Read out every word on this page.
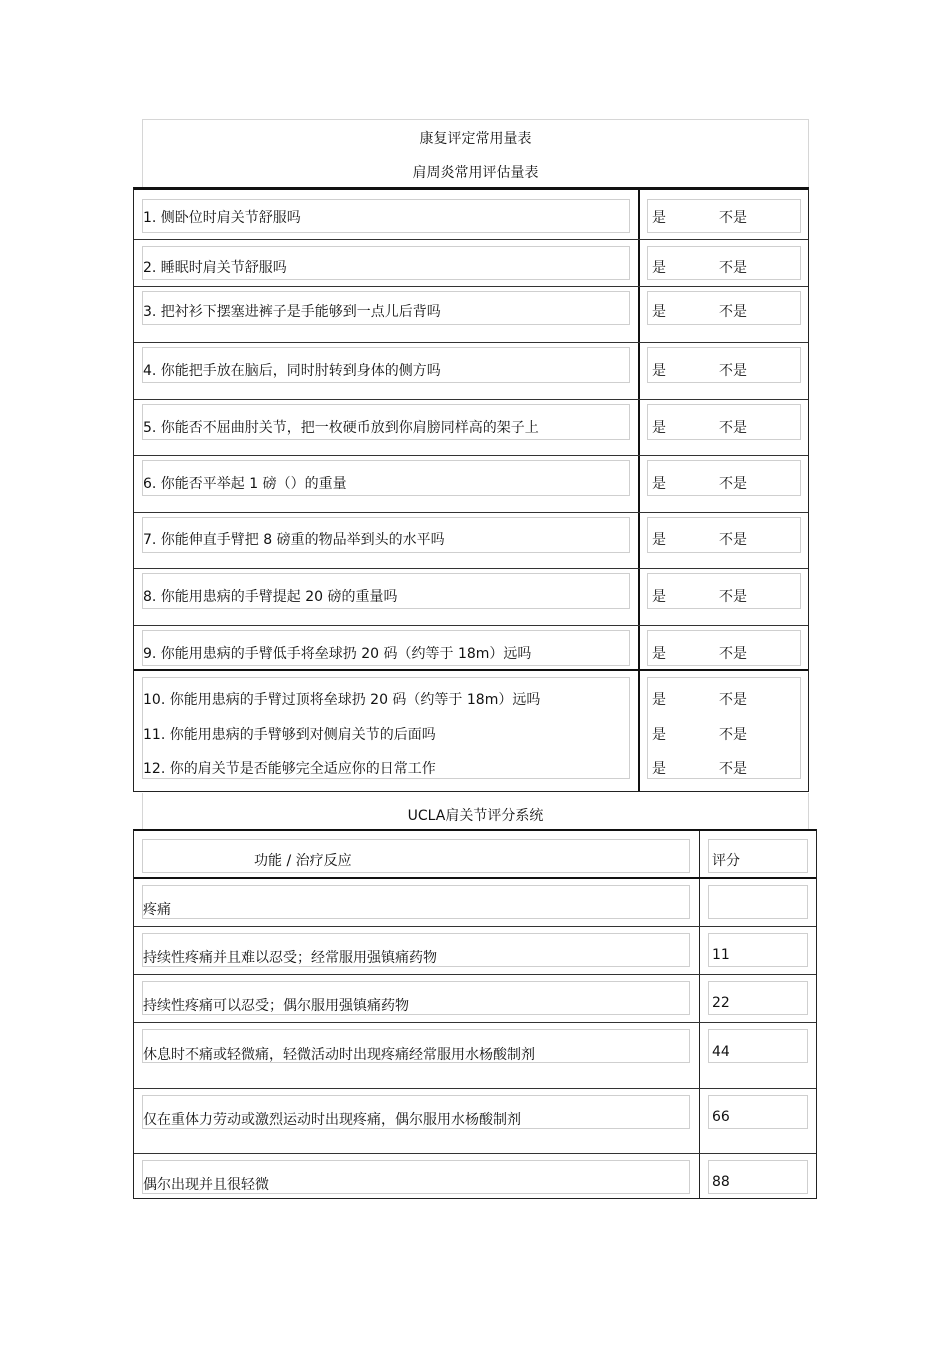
康复评定常用量表
肩周炎常用评估量表
1. 侧卧位时肩关节舒服吗	是	不是
2. 睡眠时肩关节舒服吗	是	不是
3. 把衬衫下摆塞进裤子是手能够到一点儿后背吗	是	不是
4. 你能把手放在脑后，同时肘转到身体的侧方吗	是	不是
5. 你能否不屈曲肘关节，把一枚硬币放到你肩膀同样高的架子上	是	不是
6. 你能否平举起 1 磅（）的重量	是	不是
7. 你能伸直手臂把 8 磅重的物品举到头的水平吗	是	不是
8. 你能用患病的手臂提起 20 磅的重量吗	是	不是
9. 你能用患病的手臂低手将垒球扔 20 码（约等于 18m）远吗	是	不是
10. 你能用患病的手臂过顶将垒球扔 20 码（约等于 18m）远吗	是	不是
11. 你能用患病的手臂够到对侧肩关节的后面吗	是	不是
12. 你的肩关节是否能够完全适应你的日常工作	是	不是
UCLA肩关节评分系统
功能 / 治疗反应	评分
疼痛
持续性疼痛并且难以忍受；经常服用强镇痛药物	11
持续性疼痛可以忍受；偶尔服用强镇痛药物	22
休息时不痛或轻微痛，轻微活动时出现疼痛经常服用水杨酸制剂	44
仅在重体力劳动或激烈运动时出现疼痛，偶尔服用水杨酸制剂	66
偶尔出现并且很轻微	88
